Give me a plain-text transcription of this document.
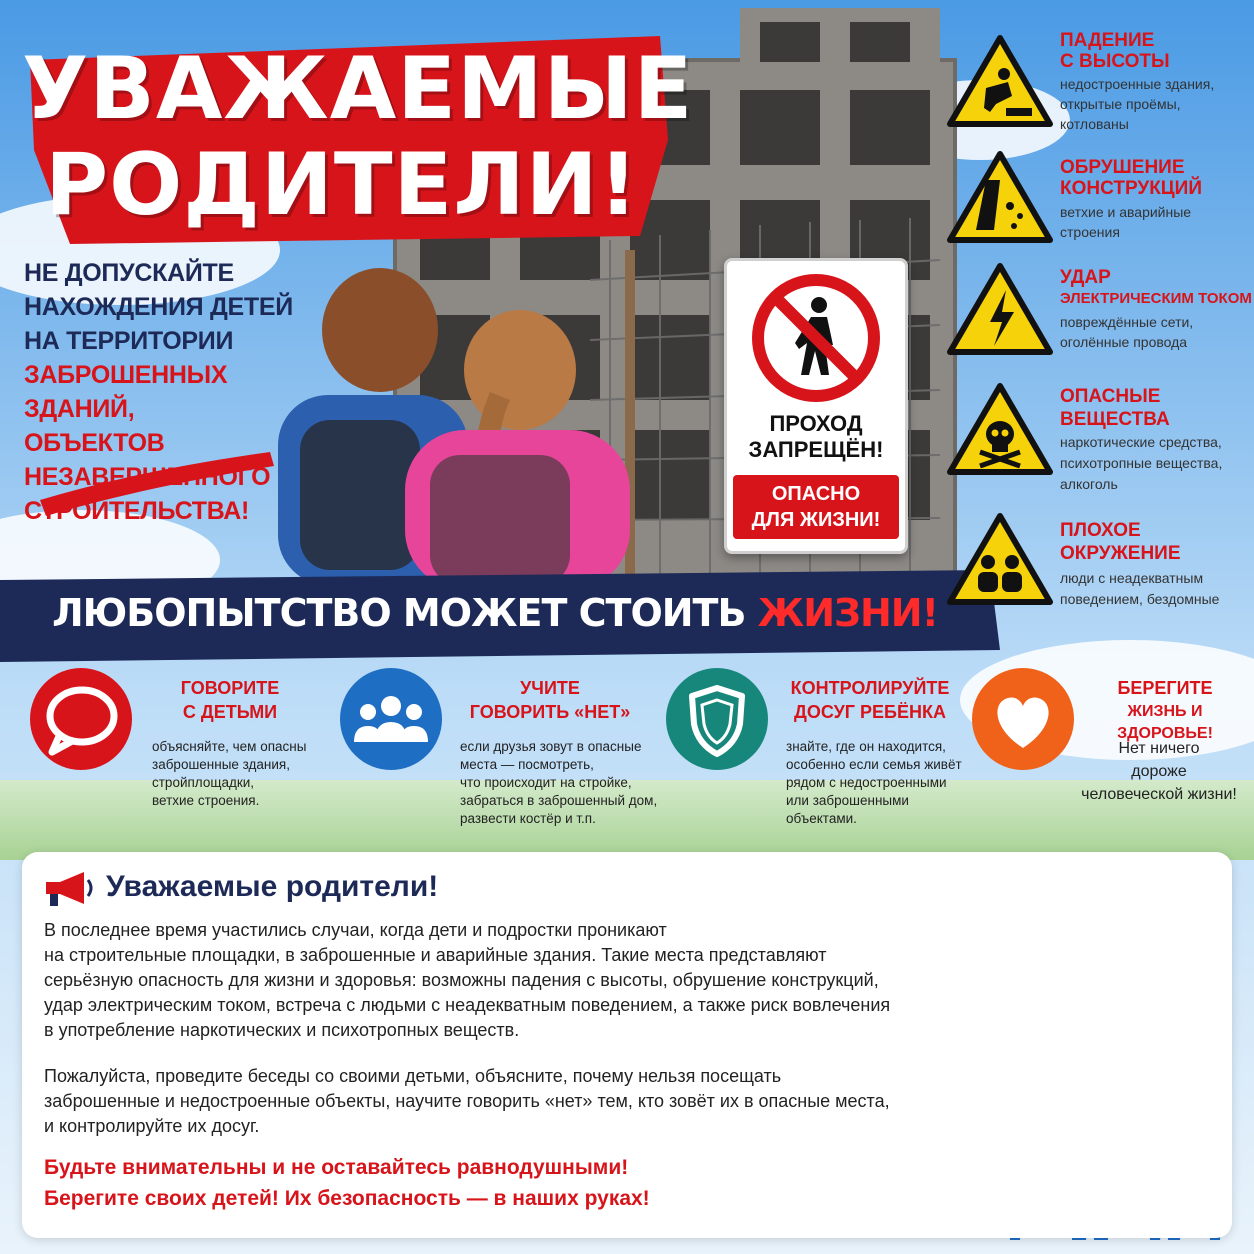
УВАЖАЕМЫЕ
РОДИТЕЛИ!
НЕ ДОПУСКАЙТЕ
НАХОЖДЕНИЯ ДЕТЕЙ
НА ТЕРРИТОРИИ
ЗАБРОШЕННЫХ ЗДАНИЙ,
ОБЪЕКТОВ
НЕЗАВЕРШЕННОГО
СТРОИТЕЛЬСТВА!
ПРОХОД
ЗАПРЕЩЁН!
ОПАСНО
ДЛЯ ЖИЗНИ!
ПАДЕНИЕ
С ВЫСОТЫ
недостроенные здания,
открытые проёмы,
котлованы
ОБРУШЕНИЕ
КОНСТРУКЦИЙ
ветхие и аварийные
строения
УДАР
ЭЛЕКТРИЧЕСКИМ ТОКОМ
повреждённые сети,
оголённые провода
ОПАСНЫЕ
ВЕЩЕСТВА
наркотические средства,
психотропные вещества,
алкоголь
ПЛОХОЕ
ОКРУЖЕНИЕ
люди с неадекватным
поведением, бездомные
ЛЮБОПЫТСТВО МОЖЕТ СТОИТЬ ЖИЗНИ!
ГОВОРИТЕ
С ДЕТЬМИ
объясняйте, чем опасны
заброшенные здания,
стройплощадки,
ветхие строения.
УЧИТЕ
ГОВОРИТЬ «НЕТ»
если друзья зовут в опасные
места — посмотреть,
что происходит на стройке,
забраться в заброшенный дом,
развести костёр и т.п.
КОНТРОЛИРУЙТЕ
ДОСУГ РЕБЁНКА
знайте, где он находится,
особенно если семья живёт
рядом с недостроенными
или заброшенными
объектами.
БЕРЕГИТЕ
ЖИЗНЬ И ЗДОРОВЬЕ!
Нет ничего
дороже
человеческой жизни!
Уважаемые родители!
В последнее время участились случаи, когда дети и подростки проникают
на строительные площадки, в заброшенные и аварийные здания. Такие места представляют
серьёзную опасность для жизни и здоровья: возможны падения с высоты, обрушение конструкций,
удар электрическим током, встреча с людьми с неадекватным поведением, а также риск вовлечения
в употребление наркотических и психотропных веществ.
Пожалуйста, проведите беседы со своими детьми, объясните, почему нельзя посещать
заброшенные и недостроенные объекты, научите говорить «нет» тем, кто зовёт их в опасные места,
и контролируйте их досуг.
Будьте внимательны и не оставайтесь равнодушными!
Берегите своих детей! Их безопасность — в наших руках!
